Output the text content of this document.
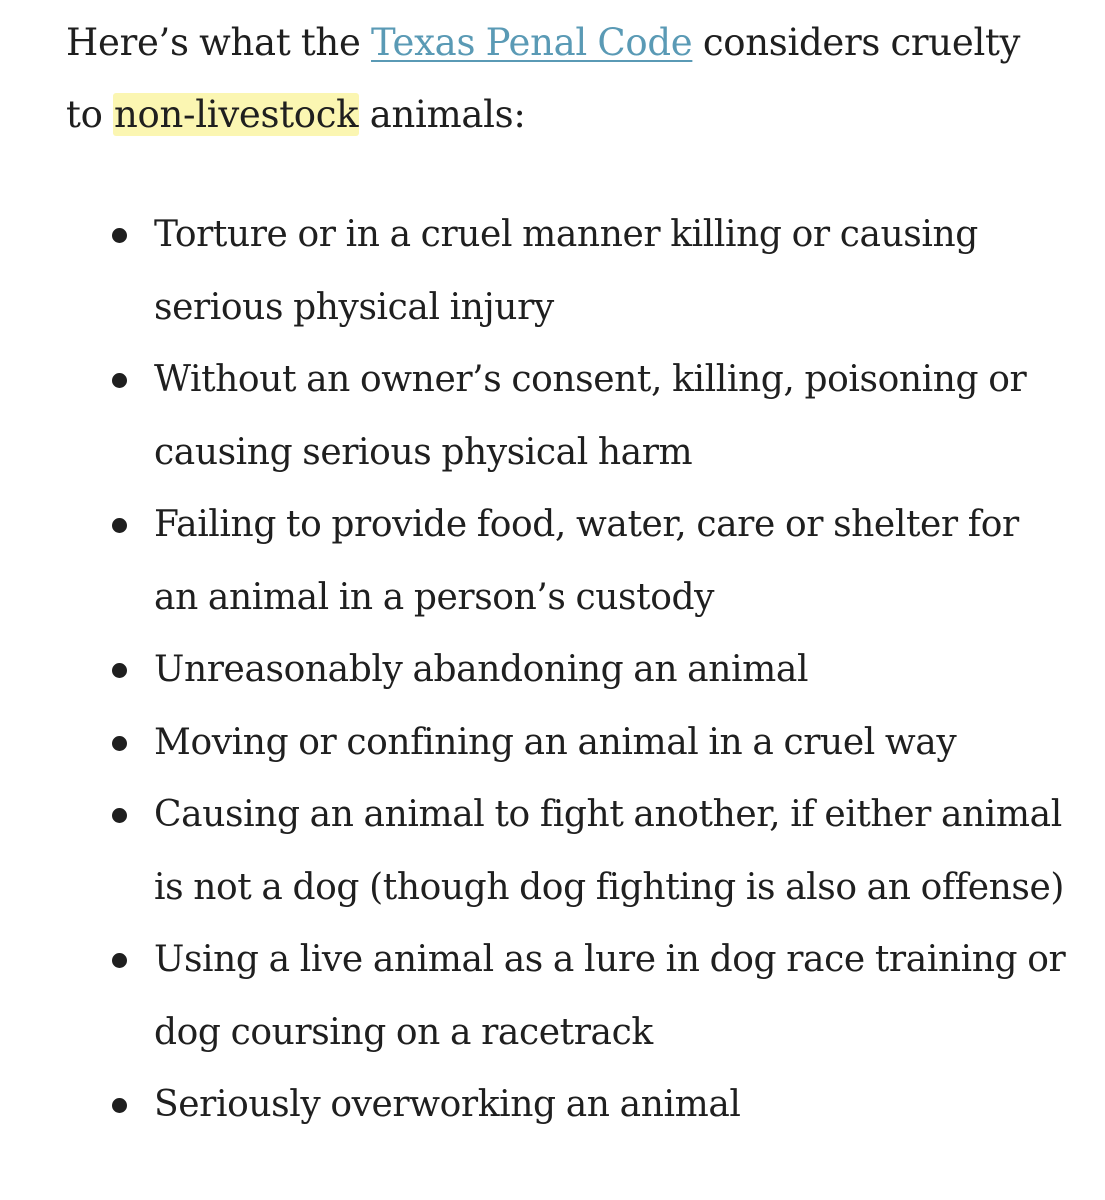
Here’s what the Texas Penal Code considers cruelty to non-livestock animals:

Torture or in a cruel manner killing or causing serious physical injury
Without an owner’s consent, killing, poisoning or causing serious physical harm
Failing to provide food, water, care or shelter for an animal in a person’s custody
Unreasonably abandoning an animal
Moving or confining an animal in a cruel way
Causing an animal to fight another, if either animal is not a dog (though dog fighting is also an offense)
Using a live animal as a lure in dog race training or dog coursing on a racetrack
Seriously overworking an animal
